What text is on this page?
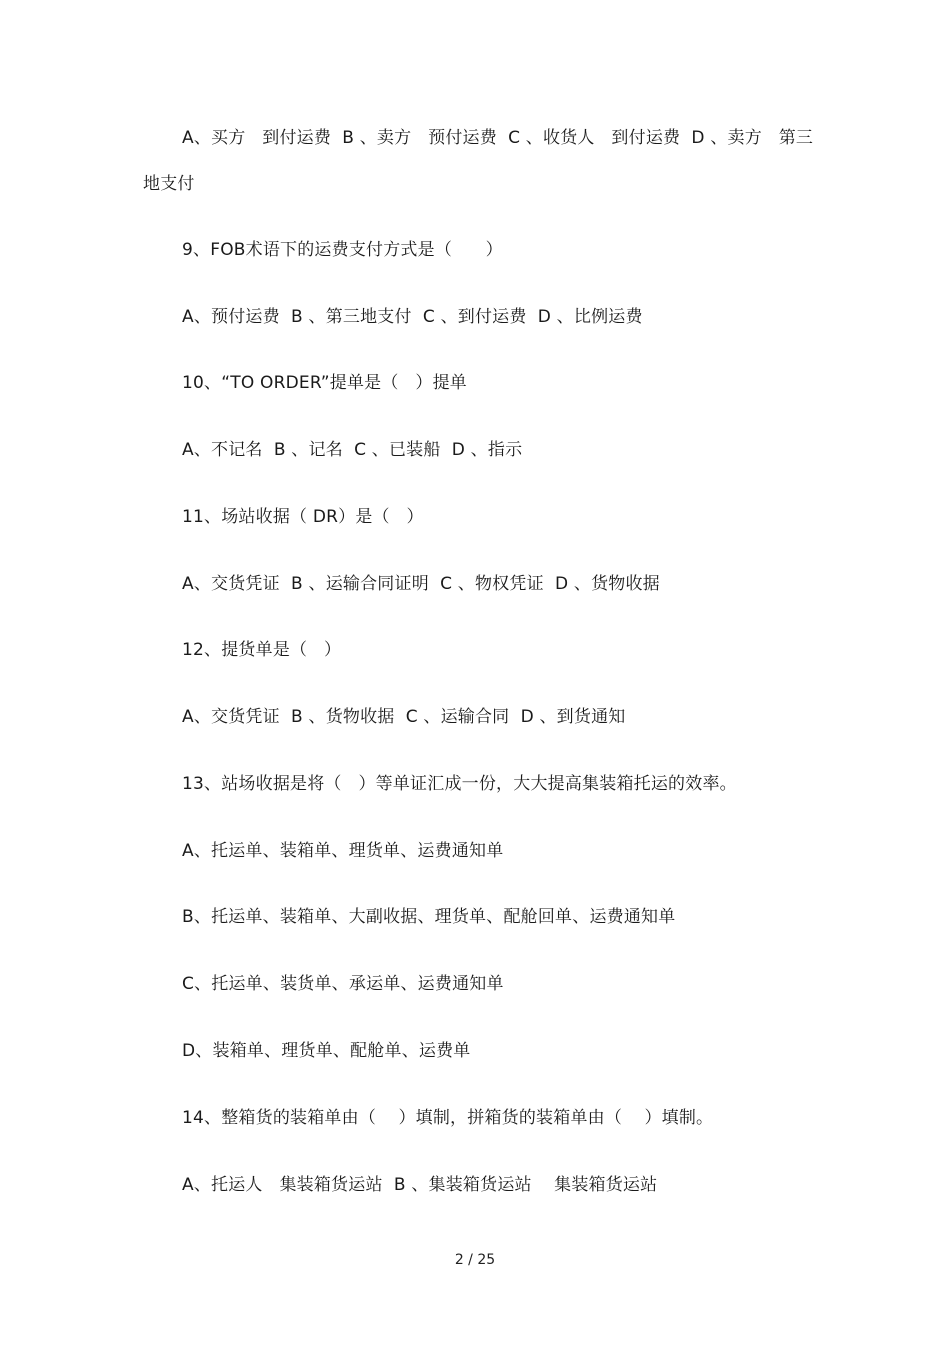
A、买方   到付运费  B 、卖方   预付运费  C 、收货人   到付运费  D 、卖方   第三
地支付
9、FOB术语下的运费支付方式是（      ）
A、预付运费  B 、第三地支付  C 、到付运费  D 、比例运费
10、“TO ORDER”提单是（   ）提单
A、不记名  B 、记名  C 、已装船  D 、指示
11、场站收据（ DR）是（   ）
A、交货凭证  B 、运输合同证明  C 、物权凭证  D 、货物收据
12、提货单是（   ）
A、交货凭证  B 、货物收据  C 、运输合同  D 、到货通知
13、站场收据是将（   ）等单证汇成一份，大大提高集装箱托运的效率。
A、托运单、装箱单、理货单、运费通知单
B、托运单、装箱单、大副收据、理货单、配舱回单、运费通知单
C、托运单、装货单、承运单、运费通知单
D、装箱单、理货单、配舱单、运费单
14、整箱货的装箱单由（    ）填制，拼箱货的装箱单由（    ）填制。
A、托运人   集装箱货运站  B 、集装箱货运站    集装箱货运站
2 / 25
